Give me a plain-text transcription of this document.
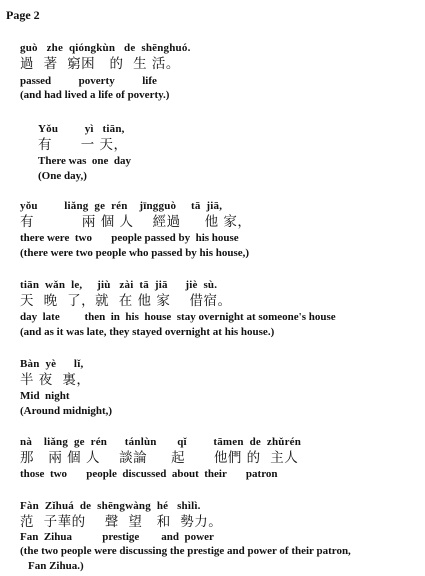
Page 2
guò   zhe  qióngkùn   de  shēnghuó.
過  著  窮困   的  生 活。
passed          poverty          life
(and had lived a life of poverty.)
Yǒu         yì   tiān,
有      一 天，
There was  one  day
(One day,)
yǒu         liǎng  ge  rén    jīngguò     tā  jiā,
有          兩 個 人    經過     他 家，
there were  two       people passed by  his house
(there were two people who passed by his house,)
tiān  wǎn  le,     jiù   zài  tā  jiā      jiè  sù.
天  晚  了，就  在 他 家    借宿。
day  late         then  in  his  house  stay overnight at someone's house
(and as it was late, they stayed overnight at his house.)
Bàn  yè      lǐ,
半 夜  裏，
Mid  night
(Around midnight,)
nà    liǎng  ge  rén      tánlùn       qǐ         tāmen  de  zhǔrén
那   兩 個 人    談論     起      他們 的  主人
those  two       people  discussed  about  their       patron
Fàn  Zǐhuá  de  shēngwàng  hé   shìlì.
范  子華的    聲  望   和  勢力。
Fan  Zihua           prestige        and  power
(the two people were discussing the prestige and power of their patron,
Fan Zihua.)
